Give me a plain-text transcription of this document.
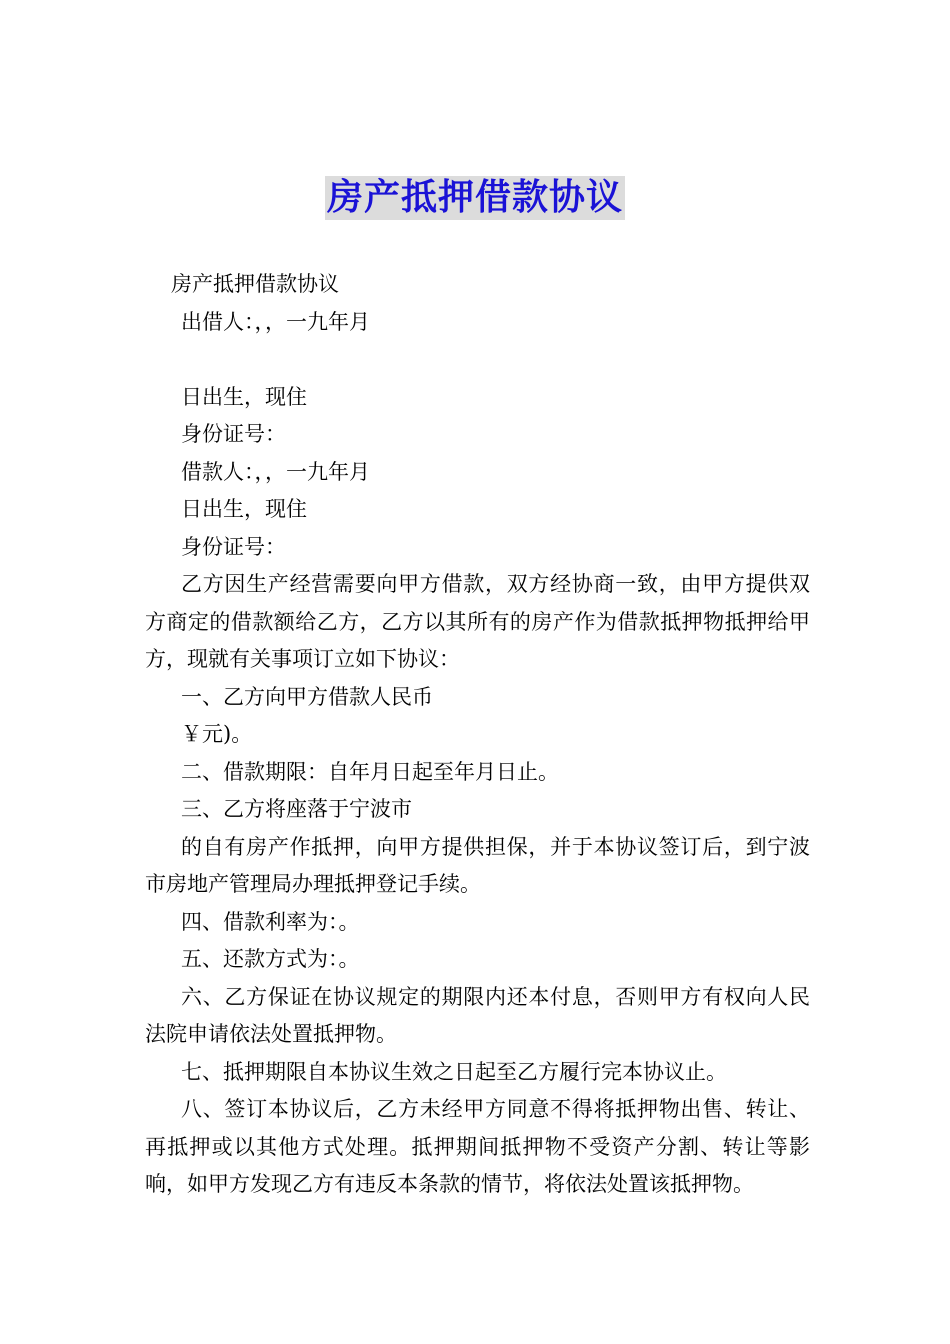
房产抵押借款协议

房产抵押借款协议

出借人：，，一九年月

日出生，现住

身份证号：

借款人：，，一九年月

日出生，现住

身份证号：

乙方因生产经营需要向甲方借款，双方经协商一致，由甲方提供双方商定的借款额给乙方，乙方以其所有的房产作为借款抵押物抵押给甲方，现就有关事项订立如下协议：

一、乙方向甲方借款人民币

￥元)。

二、借款期限：自年月日起至年月日止。

三、乙方将座落于宁波市

的自有房产作抵押，向甲方提供担保，并于本协议签订后，到宁波市房地产管理局办理抵押登记手续。

四、借款利率为：。

五、还款方式为：。

六、乙方保证在协议规定的期限内还本付息，否则甲方有权向人民法院申请依法处置抵押物。

七、抵押期限自本协议生效之日起至乙方履行完本协议止。

八、签订本协议后，乙方未经甲方同意不得将抵押物出售、转让、再抵押或以其他方式处理。抵押期间抵押物不受资产分割、转让等影响，如甲方发现乙方有违反本条款的情节，将依法处置该抵押物。
